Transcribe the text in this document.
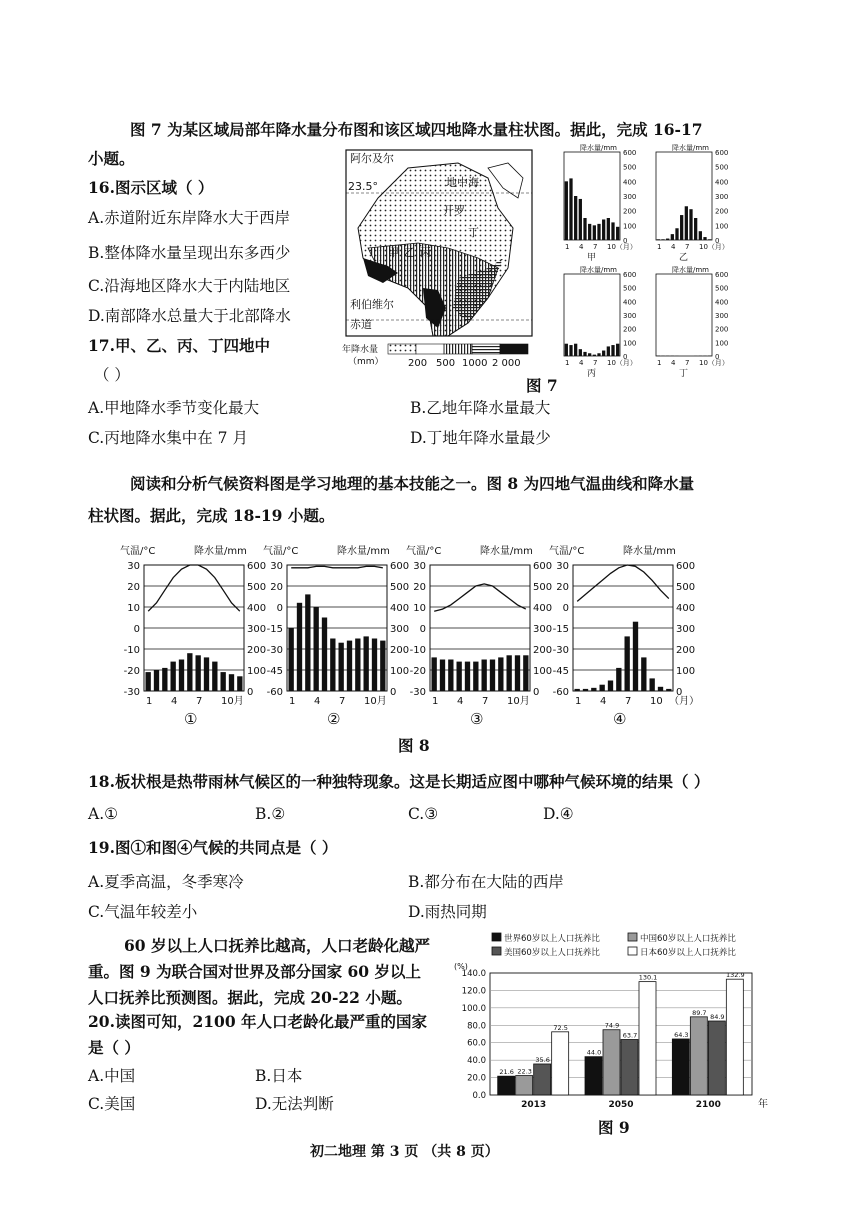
图 7 为某区域局部年降水量分布图和该区域四地降水量柱状图。据此，完成 16-17
小题。
16.图示区域（ ）
A.赤道附近东岸降水大于西岸
B.整体降水量呈现出东多西少
C.沿海地区降水大于内陆地区
D.南部降水总量大于北部降水
17.甲、乙、丙、丁四地中
（ ）
A.甲地降水季节变化最大	B.乙地年降水量最大
C.丙地降水集中在 7 月	D.丁地年降水量最少
阿尔及尔
23.5°	地中海
开罗
甲 乙 丙
丁
利伯维尔
赤道
年降水量
（mm） 200 500 1000 2 000
降水量/mm
600
500
400
300
200
100
0
1 4 7 10（月）
甲
降水量/mm
600
500
400
300
200
100
0
1 4 7 10（月）
乙
降水量/mm
600
500
400
300
200
100
0
1 4 7 10（月）
丙
降水量/mm
600
500
400
300
200
100
0
1 4 7 10（月）
丁
图 7
阅读和分析气候资料图是学习地理的基本技能之一。图 8 为四地气温曲线和降水量
柱状图。据此，完成 18-19 小题。
气温/°C	降水量/mm
30
20
10
0
-10
-20
-30
600
500
400
300
200
100
0
1 4 7 10月
①
气温/°C	降水量/mm
30
20
0
-15
-30
-45
-60
600
500
400
300
200
100
0
1 4 7 10月
②
气温/°C	降水量/mm
30
20
10
0
-10
-20
-30
600
500
400
300
200
100
0
1 4 7 10月
③
气温/°C	降水量/mm
30
20
0
-15
-30
-45
-60
600
500
400
300
200
100
0
1 4 7 10 （月）
④
图 8
18.板状根是热带雨林气候区的一种独特现象。这是长期适应图中哪种气候环境的结果（ ）
A.①	B.②	C.③	D.④
19.图①和图④气候的共同点是（ ）
A.夏季高温，冬季寒冷	B.都分布在大陆的西岸
C.气温年较差小	D.雨热同期
60 岁以上人口抚养比越高，人口老龄化越严
重。图 9 为联合国对世界及部分国家 60 岁以上
人口抚养比预测图。据此，完成 20-22 小题。
20.读图可知，2100 年人口老龄化最严重的国家
是（ ）
A.中国	B.日本
C.美国	D.无法判断
世界60岁以上人口抚养比	中国60岁以上人口抚养比
美国60岁以上人口抚养比	日本60岁以上人口抚养比
(%)
140.0
120.0
100.0
80.0
60.0
40.0
20.0
0.0
21.6 22.3
35.6
72.5
2013
44.0
74.9
63.7
130.1
2050
64.3
89.7
84.9
132.9
2100	年
图 9
初二地理 第 3 页 （共 8 页）
